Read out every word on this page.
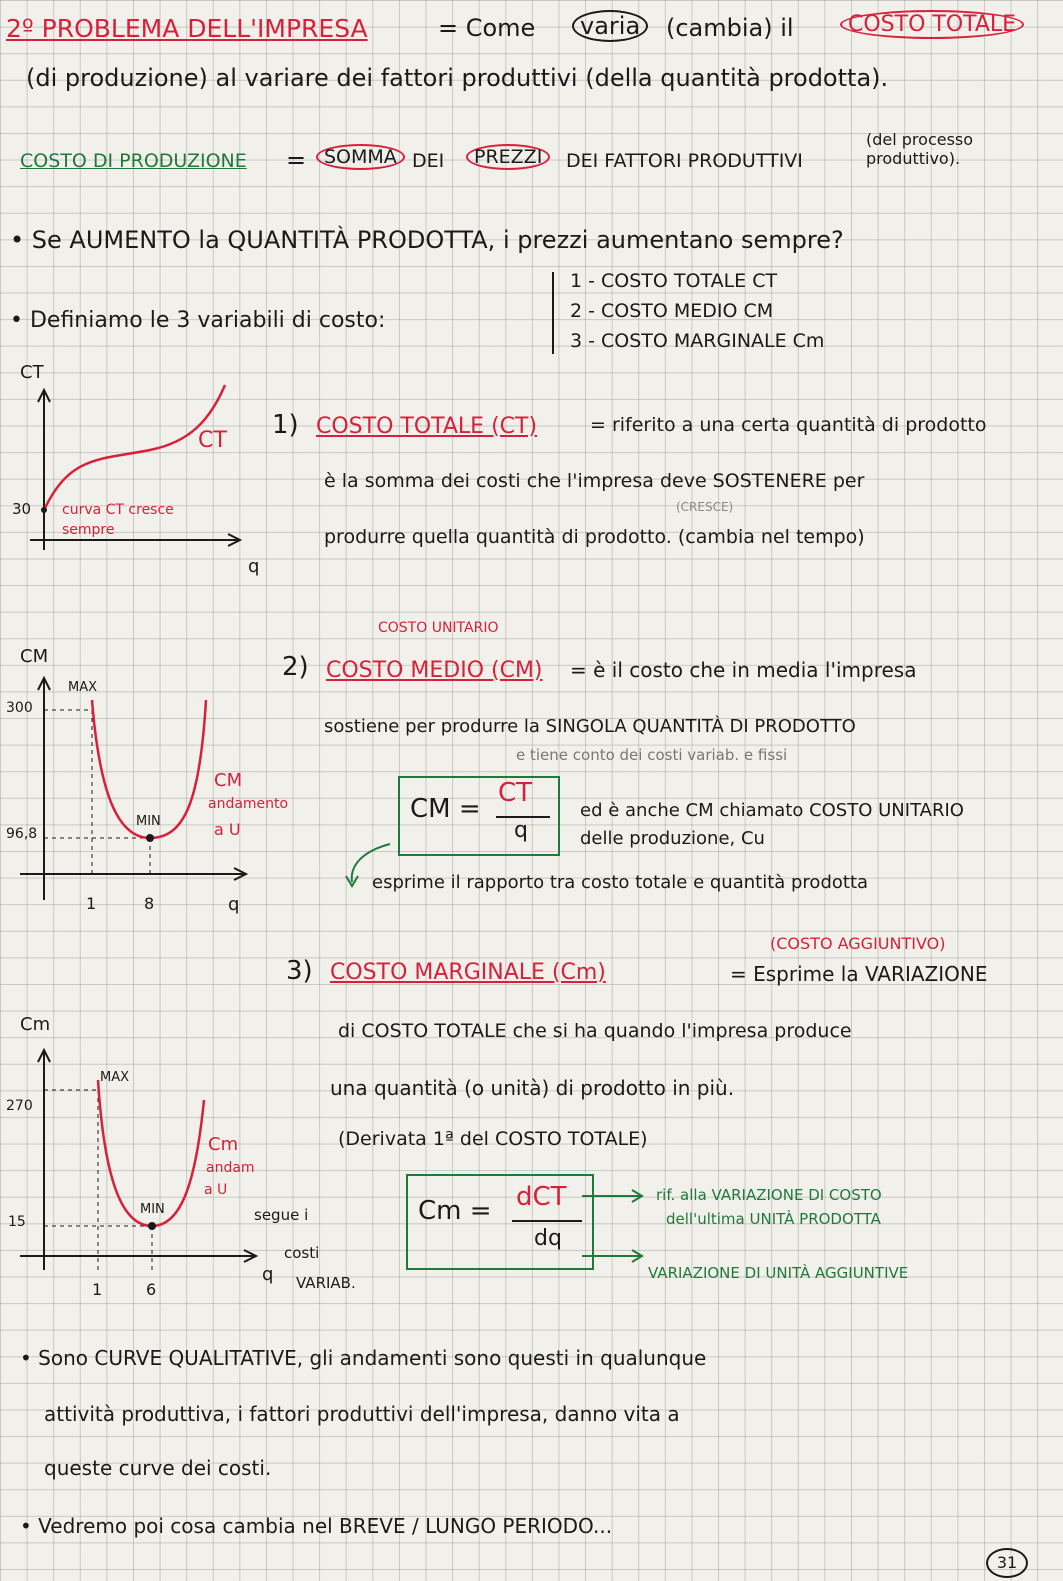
2º PROBLEMA DELL'IMPRESA	= Come	varia	(cambia) il	COSTO TOTALE
(di produzione) al variare dei fattori produttivi (della quantità prodotta).
COSTO DI PRODUZIONE = SOMMA DEI	PREZZI	DEI FATTORI PRODUTTIVI
(del processo produttivo).
• Se AUMENTO la QUANTITÀ PRODOTTA, i prezzi aumentano sempre?
• Definiamo le 3 variabili di costo:
1 - COSTO TOTALE CT
2 - COSTO MEDIO CM
3 - COSTO MARGINALE Cm
CT
q
30
CT
curva CT cresce
sempre
1) COSTO TOTALE (CT)	= riferito a una certa quantità di prodotto
è la somma dei costi che l'impresa deve SOSTENERE per
(CRESCE)
produrre quella quantità di prodotto. (cambia nel tempo)
CM
MAX
MIN
300
96,8
1	8	q
CM
andamento
a U
COSTO UNITARIO
2) COSTO MEDIO (CM) = è il costo che in media l'impresa
sostiene per produrre la SINGOLA QUANTITÀ DI PRODOTTO
e tiene conto dei costi variab. e fissi
CM =
CT
q
ed è anche CM chiamato COSTO UNITARIO
delle produzione, Cu
esprime il rapporto tra costo totale e quantità prodotta
Cm
MAX
MIN
270
15
1	6
q
Cm
andam
a U
segue i
costi
VARIAB.
(COSTO AGGIUNTIVO)
3) COSTO MARGINALE (Cm)	= Esprime la VARIAZIONE
di COSTO TOTALE che si ha quando l'impresa produce
una quantità (o unità) di prodotto in più.
(Derivata 1ª del COSTO TOTALE)
Cm = dCT
dq
rif. alla VARIAZIONE DI COSTO
dell'ultima UNITÀ PRODOTTA
VARIAZIONE DI UNITÀ AGGIUNTIVE
• Sono CURVE QUALITATIVE, gli andamenti sono questi in qualunque
attività produttiva, i fattori produttivi dell'impresa, danno vita a
queste curve dei costi.
• Vedremo poi cosa cambia nel BREVE / LUNGO PERIODO...
31
